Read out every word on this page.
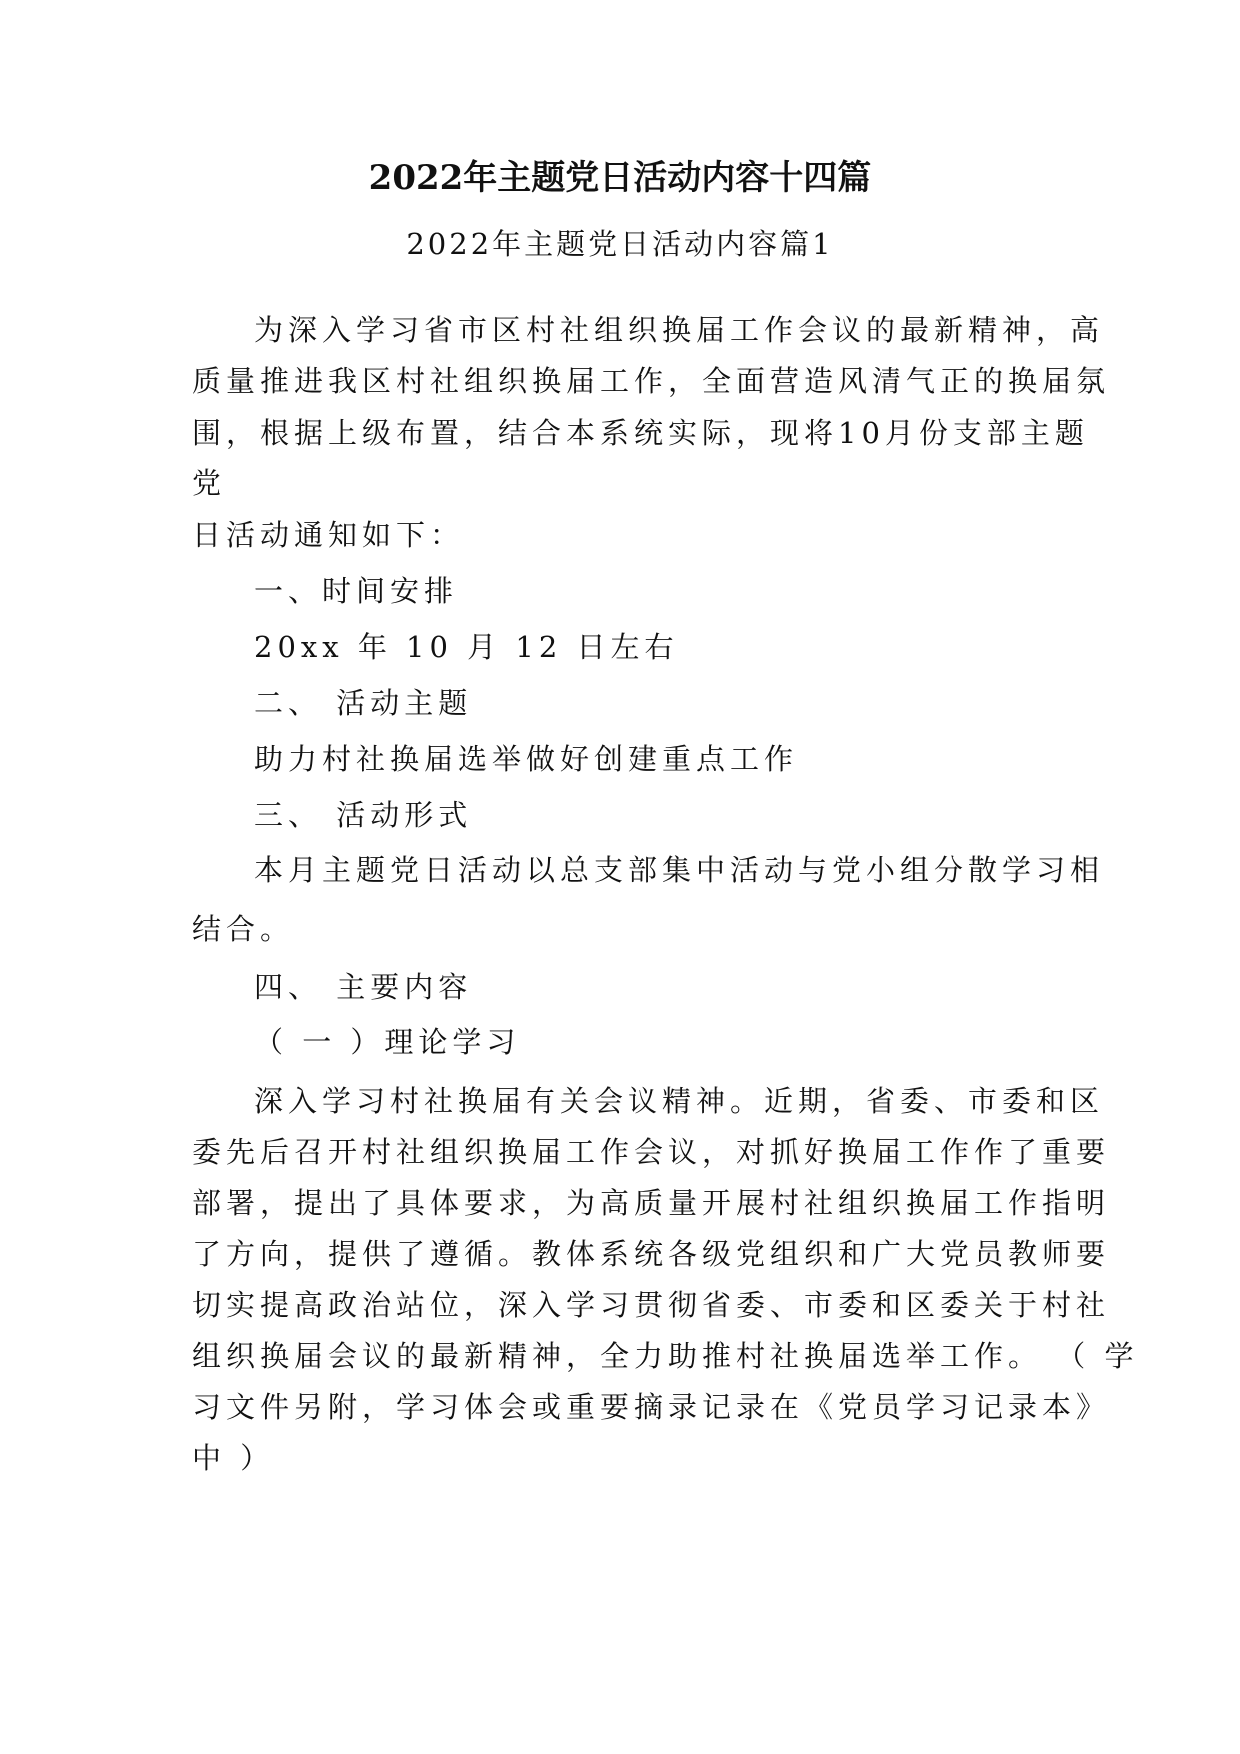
2022年主题党日活动内容十四篇
2022年主题党日活动内容篇1
为深入学习省市区村社组织换届工作会议的最新精神，高
质量推进我区村社组织换届工作，全面营造风清气正的换届氛
围，根据上级布置，结合本系统实际，现将10月份支部主题
党
日活动通知如下：
一、时间安排
20xx 年 10 月 12 日左右
二、 活动主题
助力村社换届选举做好创建重点工作
三、 活动形式
本月主题党日活动以总支部集中活动与党小组分散学习相
结合。
四、 主要内容
（ 一 ）理论学习
深入学习村社换届有关会议精神。近期，省委、市委和区
委先后召开村社组织换届工作会议，对抓好换届工作作了重要
部署，提出了具体要求，为高质量开展村社组织换届工作指明
了方向，提供了遵循。教体系统各级党组织和广大党员教师要
切实提高政治站位，深入学习贯彻省委、市委和区委关于村社
组织换届会议的最新精神，全力助推村社换届选举工作。 （ 学
习文件另附，学习体会或重要摘录记录在《党员学习记录本》
中 ）
